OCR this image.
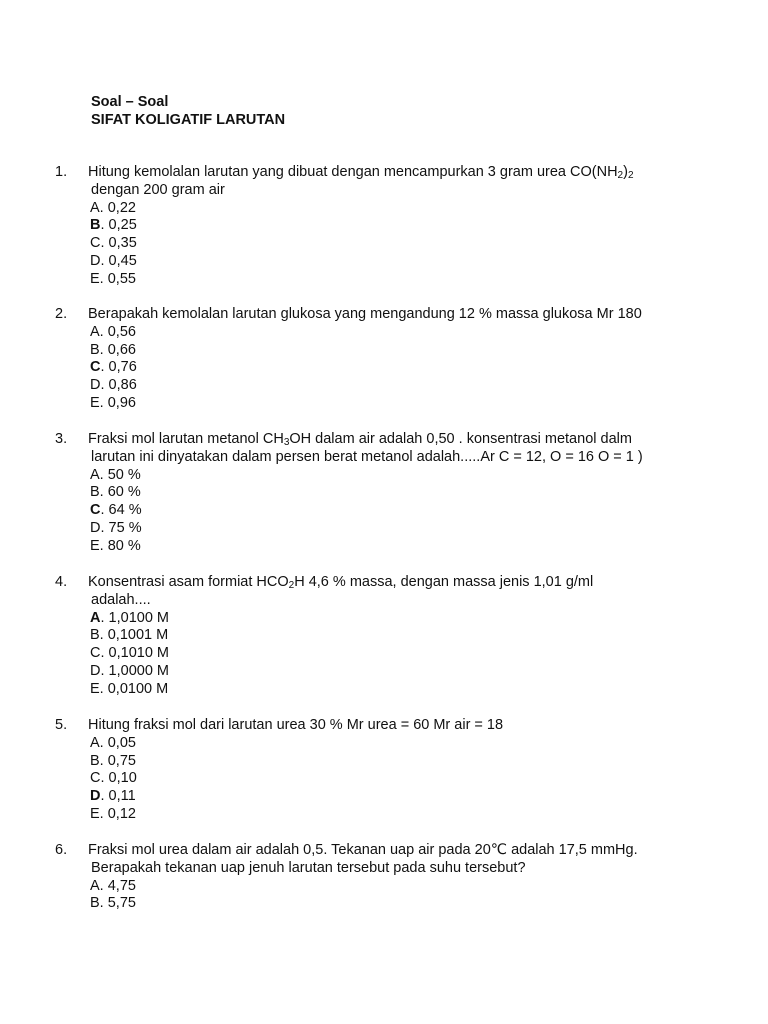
Soal – Soal
SIFAT KOLIGATIF LARUTAN
1. Hitung kemolalan larutan yang dibuat dengan mencampurkan 3 gram urea $CO(NH_2)_2$
dengan 200 gram air
A. 0,22
B. 0,25
C. 0,35
D. 0,45
E. 0,55
2. Berapakah kemolalan larutan glukosa yang mengandung 12 % massa glukosa Mr 180
A. 0,56
B. 0,66
C. 0,76
D. 0,86
E. 0,96
3. Fraksi mol larutan metanol $CH_3OH$ dalam air adalah 0,50 . konsentrasi metanol dalm
larutan ini dinyatakan dalam persen berat metanol adalah.....Ar C = 12, O = 16 O = 1 )
A. 50 %
B. 60 %
C. 64 %
D. 75 %
E. 80 %
4. Konsentrasi asam formiat $HCO_2H$ 4,6 % massa, dengan massa jenis 1,01 g/ml
adalah....
A. 1,0100 M
B. 0,1001 M
C. 0,1010 M
D. 1,0000 M
E. 0,0100 M
5. Hitung fraksi mol dari larutan urea 30 % Mr urea = 60 Mr air = 18
A. 0,05
B. 0,75
C. 0,10
D. 0,11
E. 0,12
6. Fraksi mol urea dalam air adalah 0,5. Tekanan uap air pada 20℃ adalah 17,5 mmHg.
Berapakah tekanan uap jenuh larutan tersebut pada suhu tersebut?
A. 4,75
B. 5,75
